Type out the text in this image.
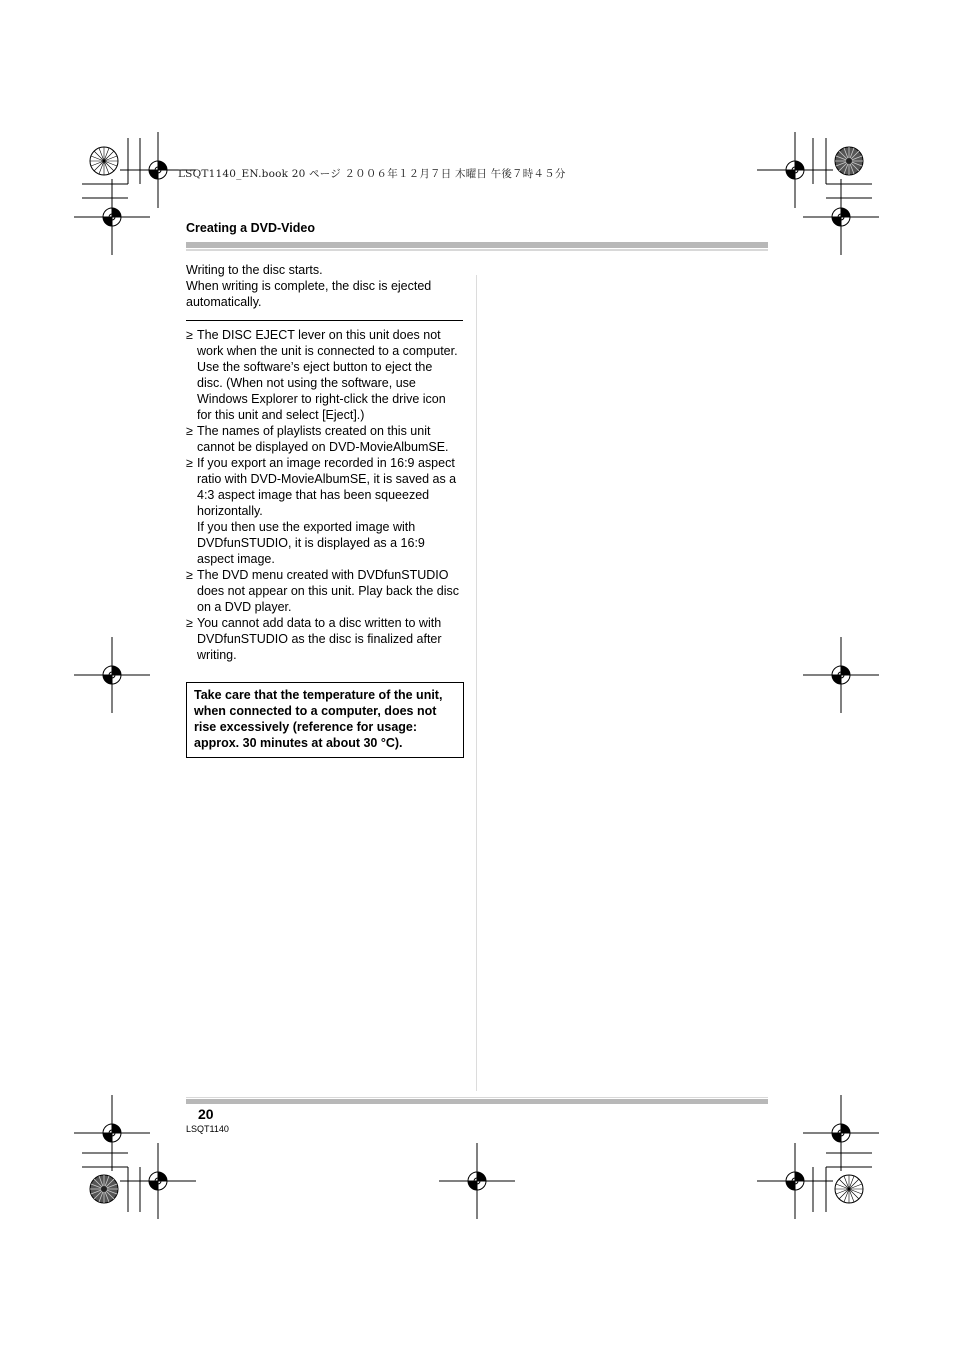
LSQT1140_EN.book 20 ページ ２００６年１２月７日 木曜日 午後７時４５分
Creating a DVD-Video
Writing to the disc starts.
When writing is complete, the disc is ejected
automatically.
≥ The DISC EJECT lever on this unit does not
work when the unit is connected to a computer.
Use the software’s eject button to eject the
disc. (When not using the software, use
Windows Explorer to right-click the drive icon
for this unit and select [Eject].)
≥ The names of playlists created on this unit
cannot be displayed on DVD-MovieAlbumSE.
≥ If you export an image recorded in 16:9 aspect
ratio with DVD-MovieAlbumSE, it is saved as a
4:3 aspect image that has been squeezed
horizontally.
If you then use the exported image with
DVDfunSTUDIO, it is displayed as a 16:9
aspect image.
≥ The DVD menu created with DVDfunSTUDIO
does not appear on this unit. Play back the disc
on a DVD player.
≥ You cannot add data to a disc written to with
DVDfunSTUDIO as the disc is finalized after
writing.
Take care that the temperature of the unit,
when connected to a computer, does not
rise excessively (reference for usage:
approx. 30 minutes at about 30 °C).
20
LSQT1140
